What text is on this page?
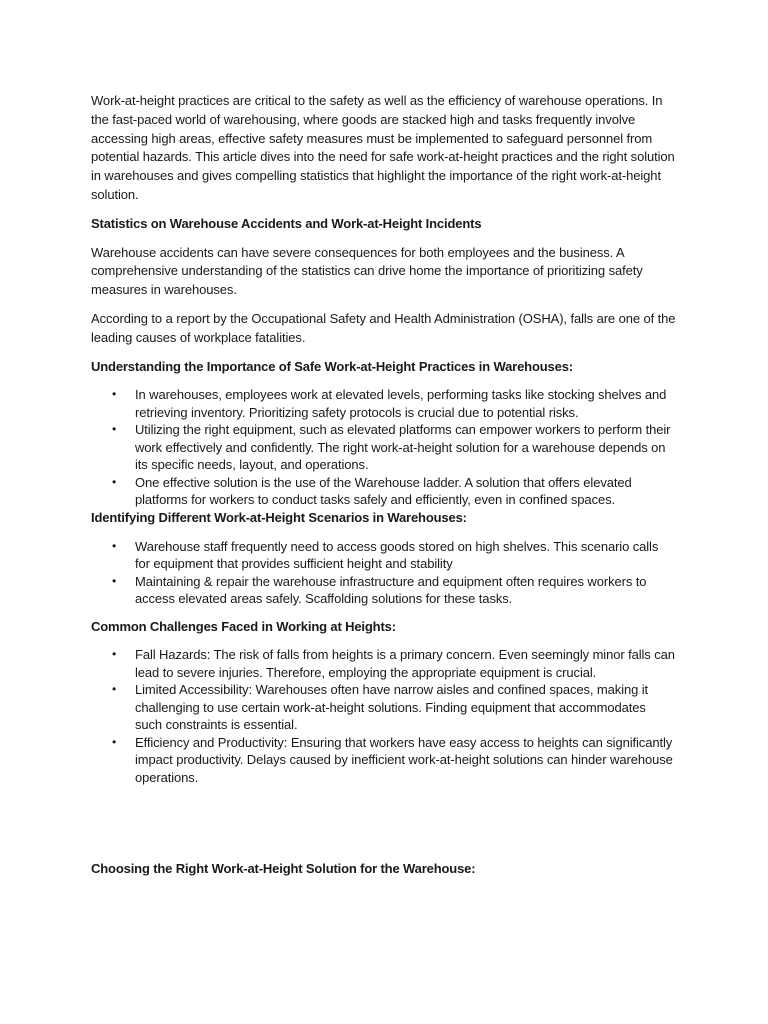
Work-at-height practices are critical to the safety as well as the efficiency of warehouse operations. In the fast-paced world of warehousing, where goods are stacked high and tasks frequently involve accessing high areas, effective safety measures must be implemented to safeguard personnel from potential hazards. This article dives into the need for safe work-at-height practices and the right solution in warehouses and gives compelling statistics that highlight the importance of the right work-at-height solution.

Statistics on Warehouse Accidents and Work-at-Height Incidents

Warehouse accidents can have severe consequences for both employees and the business. A comprehensive understanding of the statistics can drive home the importance of prioritizing safety measures in warehouses.

According to a report by the Occupational Safety and Health Administration (OSHA), falls are one of the leading causes of workplace fatalities.

Understanding the Importance of Safe Work-at-Height Practices in Warehouses:

• In warehouses, employees work at elevated levels, performing tasks like stocking shelves and retrieving inventory. Prioritizing safety protocols is crucial due to potential risks.
• Utilizing the right equipment, such as elevated platforms can empower workers to perform their work effectively and confidently. The right work-at-height solution for a warehouse depends on its specific needs, layout, and operations.
• One effective solution is the use of the Warehouse ladder. A solution that offers elevated platforms for workers to conduct tasks safely and efficiently, even in confined spaces.

Identifying Different Work-at-Height Scenarios in Warehouses:

• Warehouse staff frequently need to access goods stored on high shelves. This scenario calls for equipment that provides sufficient height and stability
• Maintaining & repair the warehouse infrastructure and equipment often requires workers to access elevated areas safely. Scaffolding solutions for these tasks.

Common Challenges Faced in Working at Heights:

• Fall Hazards: The risk of falls from heights is a primary concern. Even seemingly minor falls can lead to severe injuries. Therefore, employing the appropriate equipment is crucial.
• Limited Accessibility: Warehouses often have narrow aisles and confined spaces, making it challenging to use certain work-at-height solutions. Finding equipment that accommodates such constraints is essential.
• Efficiency and Productivity: Ensuring that workers have easy access to heights can significantly impact productivity. Delays caused by inefficient work-at-height solutions can hinder warehouse operations.

Choosing the Right Work-at-Height Solution for the Warehouse:
